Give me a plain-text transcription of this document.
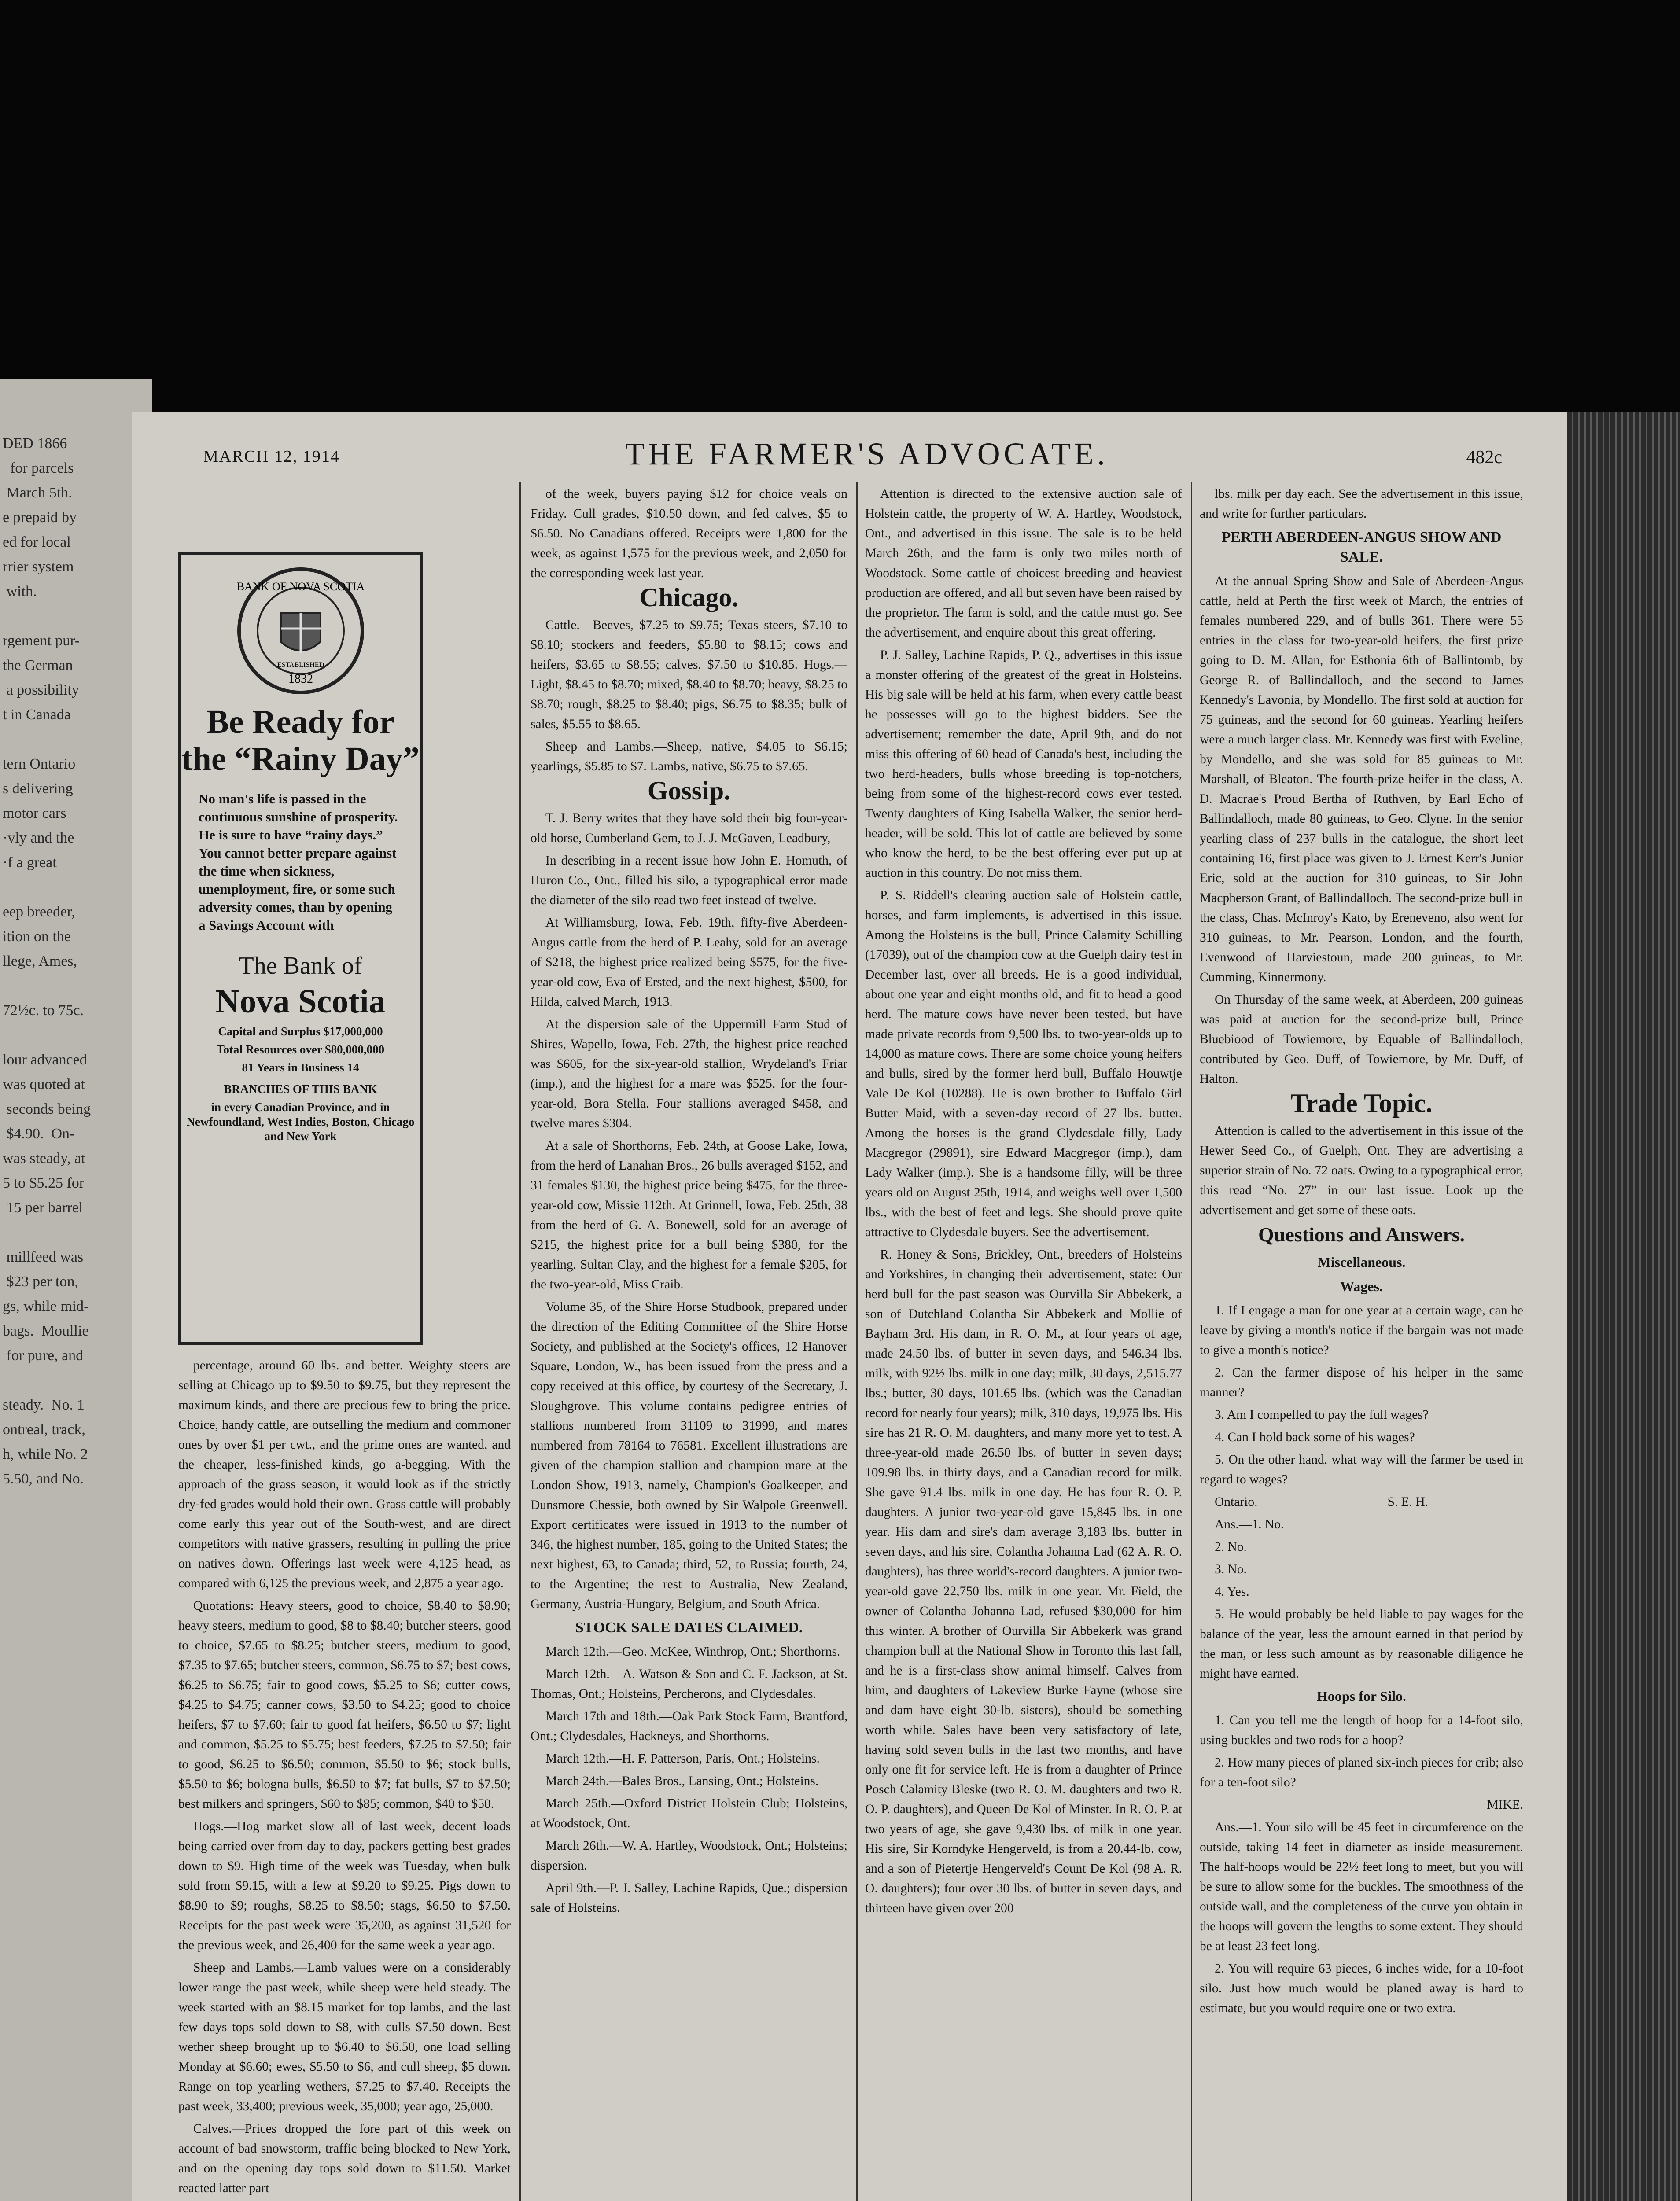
DED 1866
for parcels
March 5th.
e prepaid by
ed for local
rrier system
with.

rgement pur-
the German
a possibility
t in Canada

tern Ontario
s delivering
motor cars
·vly and the
·f a great

eep breeder,
ition on the
llege, Ames,

72½c. to 75c.

lour advanced
was quoted at
seconds being
$4.90.  On-
was steady, at
5 to $5.25 for
15 per barrel

millfeed was
$23 per ton,
gs, while mid-
bags.  Moullie
for pure, and

steady.  No. 1
ontreal, track,
h, while No. 2
5.50, and No.
MARCH 12, 1914	THE FARMER'S ADVOCATE.	482c
BANK OF NOVA SCOTIA
ESTABLISHED
1832
Be Ready for the “Rainy Day”
No man's life is passed in the continuous sunshine of prosperity. He is sure to have “rainy days.” You cannot better prepare against the time when sickness, unemployment, fire, or some such adversity comes, than by opening a Savings Account with
The Bank of
Nova Scotia
Capital and Surplus $17,000,000
Total Resources over $80,000,000
81 Years in Business 14
BRANCHES OF THIS BANK
in every Canadian Province, and in Newfoundland, West Indies, Boston, Chicago and New York

percentage, around 60 lbs. and better. Weighty steers are selling at Chicago up to $9.50 to $9.75, but they represent the maximum kinds, and there are precious few to bring the price. Choice, handy cattle, are outselling the medium and commoner ones by over $1 per cwt., and the prime ones are wanted, and the cheaper, less-finished kinds, go a-begging. With the approach of the grass season, it would look as if the strictly dry-fed grades would hold their own. Grass cattle will probably come early this year out of the South-west, and are direct competitors with native grassers, resulting in pulling the price on natives down. Offerings last week were 4,125 head, as compared with 6,125 the previous week, and 2,875 a year ago.

Quotations: Heavy steers, good to choice, $8.40 to $8.90; heavy steers, medium to good, $8 to $8.40; butcher steers, good to choice, $7.65 to $8.25; butcher steers, medium to good, $7.35 to $7.65; butcher steers, common, $6.75 to $7; best cows, $6.25 to $6.75; fair to good cows, $5.25 to $6; cutter cows, $4.25 to $4.75; canner cows, $3.50 to $4.25; good to choice heifers, $7 to $7.60; fair to good fat heifers, $6.50 to $7; light and common, $5.25 to $5.75; best feeders, $7.25 to $7.50; fair to good, $6.25 to $6.50; common, $5.50 to $6; stock bulls, $5.50 to $6; bologna bulls, $6.50 to $7; fat bulls, $7 to $7.50; best milkers and springers, $60 to $85; common, $40 to $50.

Hogs.—Hog market slow all of last week, decent loads being carried over from day to day, packers getting best grades down to $9. High time of the week was Tuesday, when bulk sold from $9.15, with a few at $9.20 to $9.25. Pigs down to $8.90 to $9; roughs, $8.25 to $8.50; stags, $6.50 to $7.50. Receipts for the past week were 35,200, as against 31,520 for the previous week, and 26,400 for the same week a year ago.

Sheep and Lambs.—Lamb values were on a considerably lower range the past week, while sheep were held steady. The week started with an $8.15 market for top lambs, and the last few days tops sold down to $8, with culls $7.50 down. Best wether sheep brought up to $6.40 to $6.50, one load selling Monday at $6.60; ewes, $5.50 to $6, and cull sheep, $5 down. Range on top yearling wethers, $7.25 to $7.40. Receipts the past week, 33,400; previous week, 35,000; year ago, 25,000.

Calves.—Prices dropped the fore part of this week on account of bad snowstorm, traffic being blocked to New York, and on the opening day tops sold down to $11.50. Market reacted latter part

of the week, buyers paying $12 for choice veals on Friday. Cull grades, $10.50 down, and fed calves, $5 to $6.50. No Canadians offered. Receipts were 1,800 for the week, as against 1,575 for the previous week, and 2,050 for the corresponding week last year.

Chicago.

Cattle.—Beeves, $7.25 to $9.75; Texas steers, $7.10 to $8.10; stockers and feeders, $5.80 to $8.15; cows and heifers, $3.65 to $8.55; calves, $7.50 to $10.85. Hogs.—Light, $8.45 to $8.70; mixed, $8.40 to $8.70; heavy, $8.25 to $8.70; rough, $8.25 to $8.40; pigs, $6.75 to $8.35; bulk of sales, $5.55 to $8.65.

Sheep and Lambs.—Sheep, native, $4.05 to $6.15; yearlings, $5.85 to $7. Lambs, native, $6.75 to $7.65.

Gossip.

T. J. Berry writes that they have sold their big four-year-old horse, Cumberland Gem, to J. J. McGaven, Leadbury,

In describing in a recent issue how John E. Homuth, of Huron Co., Ont., filled his silo, a typographical error made the diameter of the silo read two feet instead of twelve.

At Williamsburg, Iowa, Feb. 19th, fifty-five Aberdeen-Angus cattle from the herd of P. Leahy, sold for an average of $218, the highest price realized being $575, for the five-year-old cow, Eva of Ersted, and the next highest, $500, for Hilda, calved March, 1913.

At the dispersion sale of the Uppermill Farm Stud of Shires, Wapello, Iowa, Feb. 27th, the highest price reached was $605, for the six-year-old stallion, Wrydeland's Friar (imp.), and the highest for a mare was $525, for the four-year-old, Bora Stella. Four stallions averaged $458, and twelve mares $304.

At a sale of Shorthorns, Feb. 24th, at Goose Lake, Iowa, from the herd of Lanahan Bros., 26 bulls averaged $152, and 31 females $130, the highest price being $475, for the three-year-old cow, Missie 112th. At Grinnell, Iowa, Feb. 25th, 38 from the herd of G. A. Bonewell, sold for an average of $215, the highest price for a bull being $380, for the yearling, Sultan Clay, and the highest for a female $205, for the two-year-old, Miss Craib.

Volume 35, of the Shire Horse Studbook, prepared under the direction of the Editing Committee of the Shire Horse Society, and published at the Society's offices, 12 Hanover Square, London, W., has been issued from the press and a copy received at this office, by courtesy of the Secretary, J. Sloughgrove. This volume contains pedigree entries of stallions numbered from 31109 to 31999, and mares numbered from 78164 to 76581. Excellent illustrations are given of the champion stallion and champion mare at the London Show, 1913, namely, Champion's Goalkeeper, and Dunsmore Chessie, both owned by Sir Walpole Greenwell. Export certificates were issued in 1913 to the number of 346, the highest number, 185, going to the United States; the next highest, 63, to Canada; third, 52, to Russia; fourth, 24, to the Argentine; the rest to Australia, New Zealand, Germany, Austria-Hungary, Belgium, and South Africa.

STOCK SALE DATES CLAIMED.

March 12th.—Geo. McKee, Winthrop, Ont.; Shorthorns.

March 12th.—A. Watson & Son and C. F. Jackson, at St. Thomas, Ont.; Holsteins, Percherons, and Clydesdales.

March 17th and 18th.—Oak Park Stock Farm, Brantford, Ont.; Clydesdales, Hackneys, and Shorthorns.

March 12th.—H. F. Patterson, Paris, Ont.; Holsteins.

March 24th.—Bales Bros., Lansing, Ont.; Holsteins.

March 25th.—Oxford District Holstein Club; Holsteins, at Woodstock, Ont.

March 26th.—W. A. Hartley, Woodstock, Ont.; Holsteins; dispersion.

April 9th.—P. J. Salley, Lachine Rapids, Que.; dispersion sale of Holsteins.

Attention is directed to the extensive auction sale of Holstein cattle, the property of W. A. Hartley, Woodstock, Ont., and advertised in this issue. The sale is to be held March 26th, and the farm is only two miles north of Woodstock. Some cattle of choicest breeding and heaviest production are offered, and all but seven have been raised by the proprietor. The farm is sold, and the cattle must go. See the advertisement, and enquire about this great offering.

P. J. Salley, Lachine Rapids, P. Q., advertises in this issue a monster offering of the greatest of the great in Holsteins. His big sale will be held at his farm, when every cattle beast he possesses will go to the highest bidders. See the advertisement; remember the date, April 9th, and do not miss this offering of 60 head of Canada's best, including the two herd-headers, bulls whose breeding is top-notchers, being from some of the highest-record cows ever tested. Twenty daughters of King Isabella Walker, the senior herd-header, will be sold. This lot of cattle are believed by some who know the herd, to be the best offering ever put up at auction in this country. Do not miss them.

P. S. Riddell's clearing auction sale of Holstein cattle, horses, and farm implements, is advertised in this issue. Among the Holsteins is the bull, Prince Calamity Schilling (17039), out of the champion cow at the Guelph dairy test in December last, over all breeds. He is a good individual, about one year and eight months old, and fit to head a good herd. The mature cows have never been tested, but have made private records from 9,500 lbs. to two-year-olds up to 14,000 as mature cows. There are some choice young heifers and bulls, sired by the former herd bull, Buffalo Houwtje Vale De Kol (10288). He is own brother to Buffalo Girl Butter Maid, with a seven-day record of 27 lbs. butter. Among the horses is the grand Clydesdale filly, Lady Macgregor (29891), sire Edward Macgregor (imp.), dam Lady Walker (imp.). She is a handsome filly, will be three years old on August 25th, 1914, and weighs well over 1,500 lbs., with the best of feet and legs. She should prove quite attractive to Clydesdale buyers. See the advertisement.

R. Honey & Sons, Brickley, Ont., breeders of Holsteins and Yorkshires, in changing their advertisement, state: Our herd bull for the past season was Ourvilla Sir Abbekerk, a son of Dutchland Colantha Sir Abbekerk and Mollie of Bayham 3rd. His dam, in R. O. M., at four years of age, made 24.50 lbs. of butter in seven days, and 546.34 lbs. milk, with 92½ lbs. milk in one day; milk, 30 days, 2,515.77 lbs.; butter, 30 days, 101.65 lbs. (which was the Canadian record for nearly four years); milk, 310 days, 19,975 lbs. His sire has 21 R. O. M. daughters, and many more yet to test. A three-year-old made 26.50 lbs. of butter in seven days; 109.98 lbs. in thirty days, and a Canadian record for milk. She gave 91.4 lbs. milk in one day. He has four R. O. P. daughters. A junior two-year-old gave 15,845 lbs. in one year. His dam and sire's dam average 3,183 lbs. butter in seven days, and his sire, Colantha Johanna Lad (62 A. R. O. daughters), has three world's-record daughters. A junior two-year-old gave 22,750 lbs. milk in one year. Mr. Field, the owner of Colantha Johanna Lad, refused $30,000 for him this winter. A brother of Ourvilla Sir Abbekerk was grand champion bull at the National Show in Toronto this last fall, and he is a first-class show animal himself. Calves from him, and daughters of Lakeview Burke Fayne (whose sire and dam have eight 30-lb. sisters), should be something worth while. Sales have been very satisfactory of late, having sold seven bulls in the last two months, and have only one fit for service left. He is from a daughter of Prince Posch Calamity Bleske (two R. O. M. daughters and two R. O. P. daughters), and Queen De Kol of Minster. In R. O. P. at two years of age, she gave 9,430 lbs. of milk in one year. His sire, Sir Korndyke Hengerveld, is from a 20.44-lb. cow, and a son of Pietertje Hengerveld's Count De Kol (98 A. R. O. daughters); four over 30 lbs. of butter in seven days, and thirteen have given over 200

lbs. milk per day each. See the advertisement in this issue, and write for further particulars.

PERTH ABERDEEN-ANGUS SHOW AND SALE.

At the annual Spring Show and Sale of Aberdeen-Angus cattle, held at Perth the first week of March, the entries of females numbered 229, and of bulls 361. There were 55 entries in the class for two-year-old heifers, the first prize going to D. M. Allan, for Esthonia 6th of Ballintomb, by George R. of Ballindalloch, and the second to James Kennedy's Lavonia, by Mondello. The first sold at auction for 75 guineas, and the second for 60 guineas. Yearling heifers were a much larger class. Mr. Kennedy was first with Eveline, by Mondello, and she was sold for 85 guineas to Mr. Marshall, of Bleaton. The fourth-prize heifer in the class, A. D. Macrae's Proud Bertha of Ruthven, by Earl Echo of Ballindalloch, made 80 guineas, to Geo. Clyne. In the senior yearling class of 237 bulls in the catalogue, the short leet containing 16, first place was given to J. Ernest Kerr's Junior Eric, sold at the auction for 310 guineas, to Sir John Macpherson Grant, of Ballindalloch. The second-prize bull in the class, Chas. McInroy's Kato, by Ereneveno, also went for 310 guineas, to Mr. Pearson, London, and the fourth, Evenwood of Harviestoun, made 200 guineas, to Mr. Cumming, Kinnermony.

On Thursday of the same week, at Aberdeen, 200 guineas was paid at auction for the second-prize bull, Prince Bluebiood of Towiemore, by Equable of Ballindalloch, contributed by Geo. Duff, of Towiemore, by Mr. Duff, of Halton.

Trade Topic.

Attention is called to the advertisement in this issue of the Hewer Seed Co., of Guelph, Ont. They are advertising a superior strain of No. 72 oats. Owing to a typographical error, this read “No. 27” in our last issue. Look up the advertisement and get some of these oats.

Questions and Answers.
Miscellaneous.
Wages.

1. If I engage a man for one year at a certain wage, can he leave by giving a month's notice if the bargain was not made to give a month's notice?

2. Can the farmer dispose of his helper in the same manner?

3. Am I compelled to pay the full wages?

4. Can I hold back some of his wages?

5. On the other hand, what way will the farmer be used in regard to wages?

Ontario.                                        S. E. H.

Ans.—1. No.

2. No.

3. No.

4. Yes.

5. He would probably be held liable to pay wages for the balance of the year, less the amount earned in that period by the man, or less such amount as by reasonable diligence he might have earned.

Hoops for Silo.

1. Can you tell me the length of hoop for a 14-foot silo, using buckles and two rods for a hoop?

2. How many pieces of planed six-inch pieces for crib; also for a ten-foot silo?

MIKE.

Ans.—1. Your silo will be 45 feet in circumference on the outside, taking 14 feet in diameter as inside measurement. The half-hoops would be 22½ feet long to meet, but you will be sure to allow some for the buckles. The smoothness of the outside wall, and the completeness of the curve you obtain in the hoops will govern the lengths to some extent. They should be at least 23 feet long.

2. You will require 63 pieces, 6 inches wide, for a 10-foot silo. Just how much would be planed away is hard to estimate, but you would require one or two extra.
